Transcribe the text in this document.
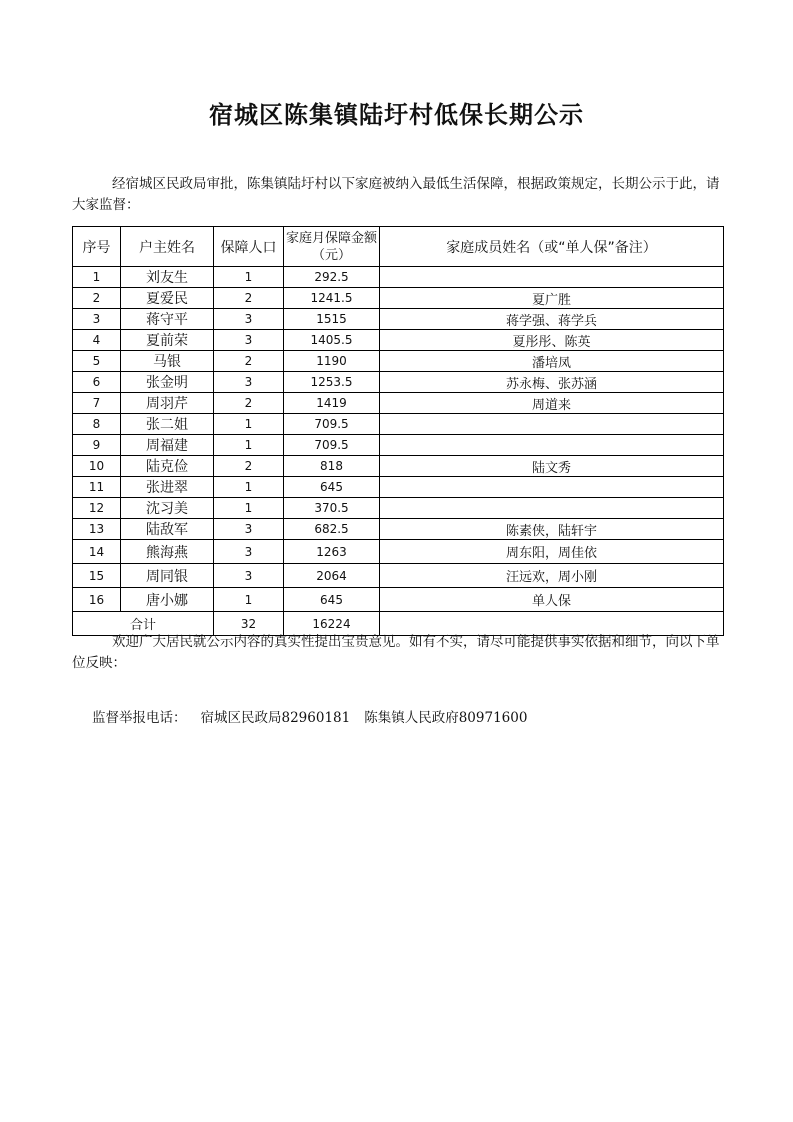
宿城区陈集镇陆圩村低保长期公示
经宿城区民政局审批，陈集镇陆圩村以下家庭被纳入最低生活保障，根据政策规定，长期公示于此，请大家监督：
序号	户主姓名	保障人口	家庭月保障金额（元）	家庭成员姓名（或“单人保”备注）
1	刘友生	1	292.5	
2	夏爱民	2	1241.5	夏广胜
3	蒋守平	3	1515	蒋学强、蒋学兵
4	夏前荣	3	1405.5	夏彤彤、陈英
5	马银	2	1190	潘培凤
6	张金明	3	1253.5	苏永梅、张苏涵
7	周羽芹	2	1419	周道来
8	张二姐	1	709.5	
9	周福建	1	709.5	
10	陆克俭	2	818	陆文秀
11	张进翠	1	645	
12	沈习美	1	370.5	
13	陆敌军	3	682.5	陈素侠，陆轩宇
14	熊海燕	3	1263	周东阳，周佳依
15	周同银	3	2064	汪远欢，周小刚
16	唐小娜	1	645	单人保
合计		32	16224	
欢迎广大居民就公示内容的真实性提出宝贵意见。如有不实，请尽可能提供事实依据和细节，向以下单位反映：
监督举报电话： 宿城区民政局82960181 陈集镇人民政府80971600
